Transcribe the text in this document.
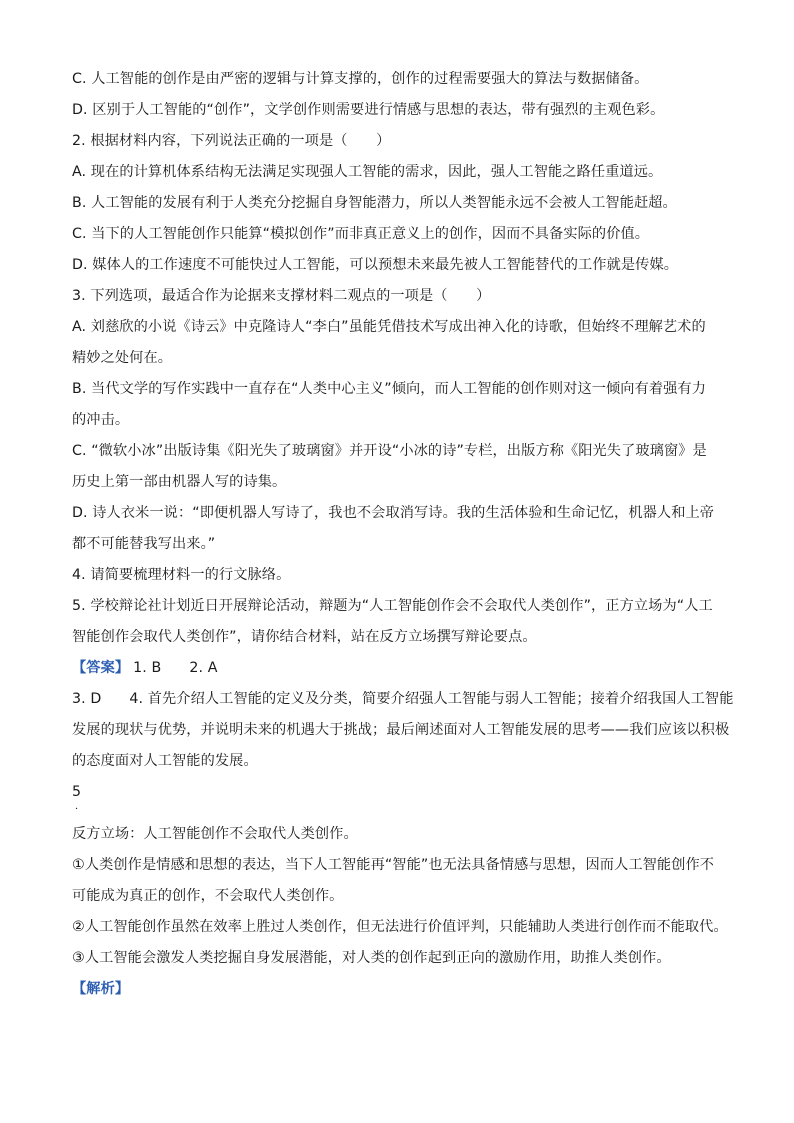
C. 人工智能的创作是由严密的逻辑与计算支撑的，创作的过程需要强大的算法与数据储备。
D. 区别于人工智能的“创作”，文学创作则需要进行情感与思想的表达，带有强烈的主观色彩。
2. 根据材料内容，下列说法正确的一项是（　　）
A. 现在的计算机体系结构无法满足实现强人工智能的需求，因此，强人工智能之路任重道远。
B. 人工智能的发展有利于人类充分挖掘自身智能潜力，所以人类智能永远不会被人工智能赶超。
C. 当下的人工智能创作只能算“模拟创作”而非真正意义上的创作，因而不具备实际的价值。
D. 媒体人的工作速度不可能快过人工智能，可以预想未来最先被人工智能替代的工作就是传媒。
3. 下列选项，最适合作为论据来支撑材料二观点的一项是（　　）
A. 刘慈欣的小说《诗云》中克隆诗人“李白”虽能凭借技术写成出神入化的诗歌，但始终不理解艺术的
精妙之处何在。
B. 当代文学的写作实践中一直存在“人类中心主义”倾向，而人工智能的创作则对这一倾向有着强有力
的冲击。
C. “微软小冰”出版诗集《阳光失了玻璃窗》并开设“小冰的诗”专栏，出版方称《阳光失了玻璃窗》是
历史上第一部由机器人写的诗集。
D. 诗人衣米一说：“即便机器人写诗了，我也不会取消写诗。我的生活体验和生命记忆，机器人和上帝
都不可能替我写出来。”
4. 请简要梳理材料一的行文脉络。
5. 学校辩论社计划近日开展辩论活动，辩题为“人工智能创作会不会取代人类创作”，正方立场为“人工
智能创作会取代人类创作”，请你结合材料，站在反方立场撰写辩论要点。
【答案】 1. B 2. A
3. D 4. 首先介绍人工智能的定义及分类，简要介绍强人工智能与弱人工智能；接着介绍我国人工智能
发展的现状与优势，并说明未来的机遇大于挑战；最后阐述面对人工智能发展的思考——我们应该以积极
的态度面对人工智能的发展。
5
．
反方立场：人工智能创作不会取代人类创作。
①人类创作是情感和思想的表达，当下人工智能再“智能”也无法具备情感与思想，因而人工智能创作不
可能成为真正的创作，不会取代人类创作。
②人工智能创作虽然在效率上胜过人类创作，但无法进行价值评判，只能辅助人类进行创作而不能取代。
③人工智能会激发人类挖掘自身发展潜能，对人类的创作起到正向的激励作用，助推人类创作。
【解析】
